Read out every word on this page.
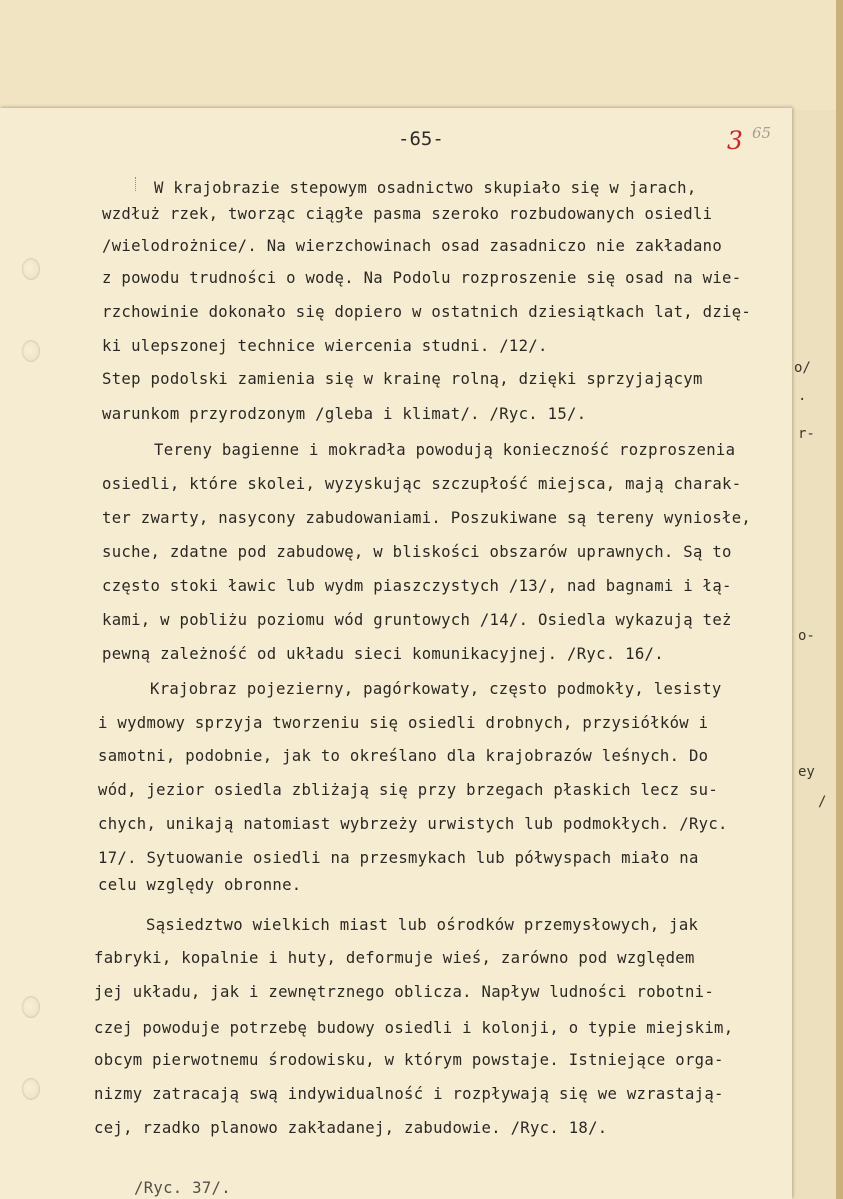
o/
.
r-
o-
ey
/
-65-	3 65
W krajobrazie stepowym osadnictwo skupiało się w jarach,
wzdłuż rzek, tworząc ciągłe pasma szeroko rozbudowanych osiedli
/wielodrożnice/. Na wierzchowinach osad zasadniczo nie zakładano
z powodu trudności o wodę. Na Podolu rozproszenie się osad na wie-
rzchowinie dokonało się dopiero w ostatnich dziesiątkach lat, dzię-
ki ulepszonej technice wiercenia studni. /12/.
Step podolski zamienia się w krainę rolną, dzięki sprzyjającym
warunkom przyrodzonym /gleba i klimat/. /Ryc. 15/.
Tereny bagienne i mokradła powodują konieczność rozproszenia
osiedli, które skolei, wyzyskując szczupłość miejsca, mają charak-
ter zwarty, nasycony zabudowaniami. Poszukiwane są tereny wyniosłe,
suche, zdatne pod zabudowę, w bliskości obszarów uprawnych. Są to
często stoki ławic lub wydm piaszczystych /13/, nad bagnami i łą-
kami, w pobliżu poziomu wód gruntowych /14/. Osiedla wykazują też
pewną zależność od układu sieci komunikacyjnej. /Ryc. 16/.
Krajobraz pojezierny, pagórkowaty, często podmokły, lesisty
i wydmowy sprzyja tworzeniu się osiedli drobnych, przysiółków i
samotni, podobnie, jak to określano dla krajobrazów leśnych. Do
wód, jezior osiedla zbliżają się przy brzegach płaskich lecz su-
chych, unikają natomiast wybrzeży urwistych lub podmokłych. /Ryc.
17/. Sytuowanie osiedli na przesmykach lub półwyspach miało na
celu względy obronne.
Sąsiedztwo wielkich miast lub ośrodków przemysłowych, jak
fabryki, kopalnie i huty, deformuje wieś, zarówno pod względem
jej układu, jak i zewnętrznego oblicza. Napływ ludności robotni-
czej powoduje potrzebę budowy osiedli i kolonji, o typie miejskim,
obcym pierwotnemu środowisku, w którym powstaje. Istniejące orga-
nizmy zatracają swą indywidualność i rozpływają się we wzrastają-
cej, rzadko planowo zakładanej, zabudowie. /Ryc. 18/.
/Ryc. 37/.
